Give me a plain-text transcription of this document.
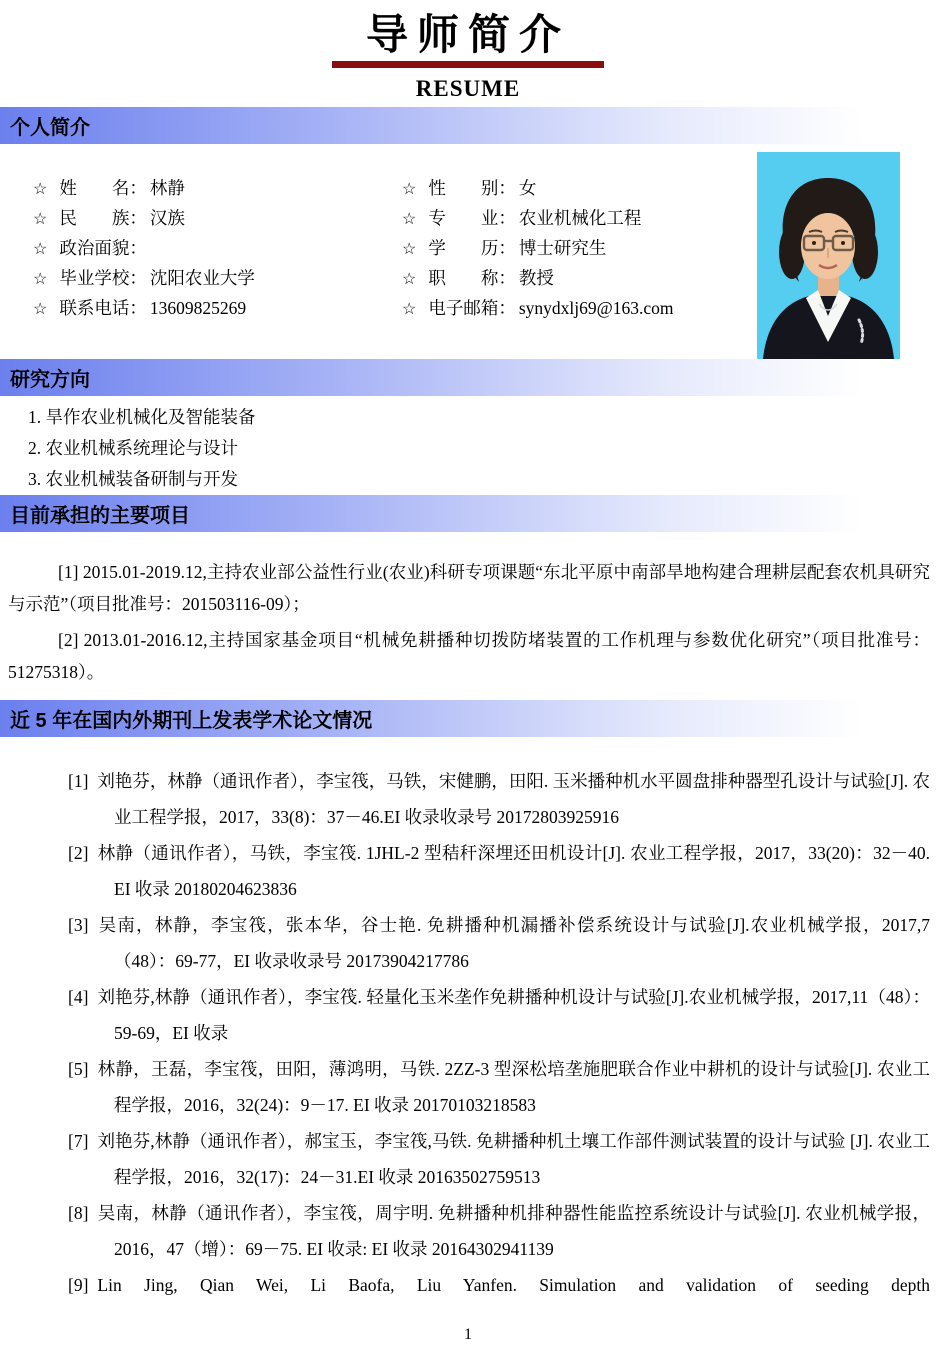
导师简介
RESUME
个人简介
☆ 姓　　名： 林静
☆ 民　　族： 汉族
☆ 政治面貌：
☆ 毕业学校： 沈阳农业大学
☆ 联系电话： 13609825269
☆ 性　　别： 女
☆ 专　　业： 农业机械化工程
☆ 学　　历： 博士研究生
☆ 职　　称： 教授
☆ 电子邮箱： synydxlj69@163.com
研究方向
1. 旱作农业机械化及智能装备
2. 农业机械系统理论与设计
3. 农业机械装备研制与开发
目前承担的主要项目

[1] 2015.01-2019.12,主持农业部公益性行业(农业)科研专项课题“东北平原中南部旱地构建合理耕层配套农机具研究与示范”（项目批准号：201503116-09）；

[2] 2013.01-2016.12,主持国家基金项目“机械免耕播种切拨防堵装置的工作机理与参数优化研究”（项目批准号：51275318）。

近 5 年在国内外期刊上发表学术论文情况
[1] 刘艳芬，林静（通讯作者），李宝筏，马铁，宋健鹏，田阳. 玉米播种机水平圆盘排种器型孔设计与试验[J]. 农业工程学报，2017，33(8)：37－46.EI 收录收录号 20172803925916
[2] 林静（通讯作者），马铁，李宝筏. 1JHL-2 型秸秆深埋还田机设计[J]. 农业工程学报，2017，33(20)：32－40. EI 收录 20180204623836
[3] 吴南，林静，李宝筏，张本华，谷士艳. 免耕播种机漏播补偿系统设计与试验[J].农业机械学报，2017,7（48）：69-77，EI 收录收录号 20173904217786
[4] 刘艳芬,林静（通讯作者），李宝筏. 轻量化玉米垄作免耕播种机设计与试验[J].农业机械学报，2017,11（48）：59-69，EI 收录
[5] 林静，王磊，李宝筏，田阳，薄鸿明，马铁. 2ZZ-3 型深松培垄施肥联合作业中耕机的设计与试验[J]. 农业工程学报，2016，32(24)：9－17. EI 收录 20170103218583
[7] 刘艳芬,林静（通讯作者），郝宝玉，李宝筏,马铁. 免耕播种机土壤工作部件测试装置的设计与试验 [J]. 农业工程学报，2016，32(17)：24－31.EI 收录 20163502759513
[8] 吴南，林静（通讯作者），李宝筏，周宇明. 免耕播种机排种器性能监控系统设计与试验[J]. 农业机械学报，2016，47（增）：69－75. EI 收录: EI 收录 20164302941139
[9] Lin Jing, Qian Wei, Li Baofa, Liu Yanfen. Simulation and validation of seeding depth
1
